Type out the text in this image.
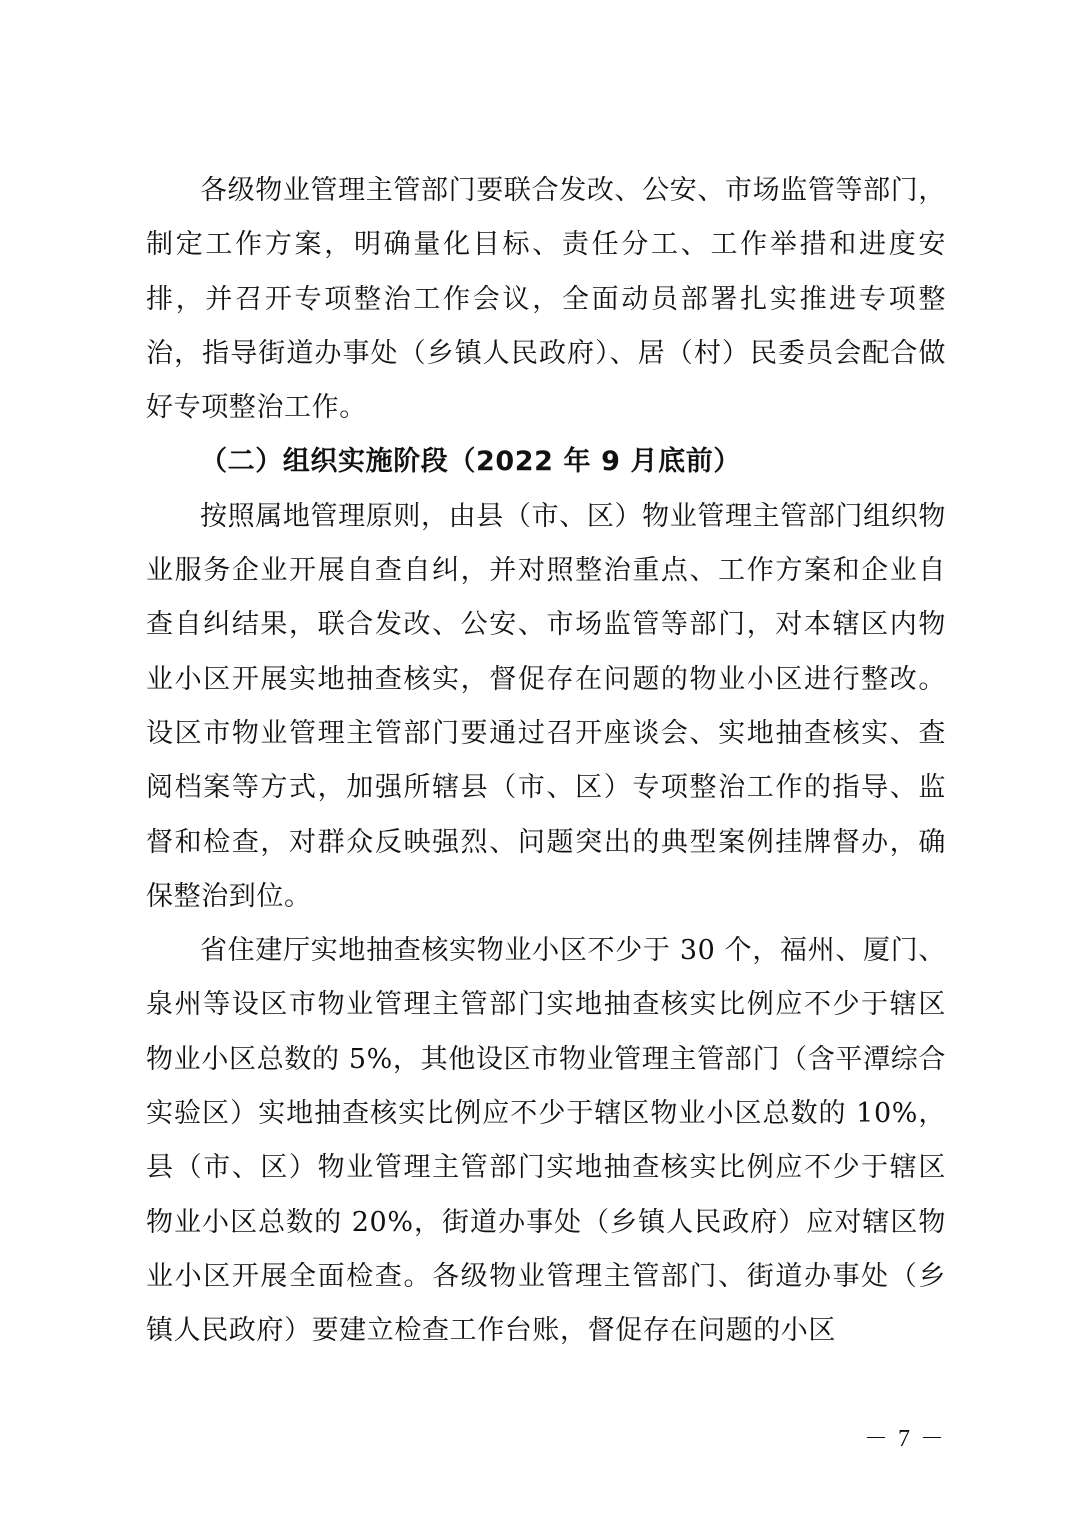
各级物业管理主管部门要联合发改、公安、市场监管等部门，制定工作方案，明确量化目标、责任分工、工作举措和进度安排，并召开专项整治工作会议，全面动员部署扎实推进专项整治，指导街道办事处（乡镇人民政府）、居（村）民委员会配合做好专项整治工作。

（二）组织实施阶段（2022 年 9 月底前）

按照属地管理原则，由县（市、区）物业管理主管部门组织物业服务企业开展自查自纠，并对照整治重点、工作方案和企业自查自纠结果，联合发改、公安、市场监管等部门，对本辖区内物业小区开展实地抽查核实，督促存在问题的物业小区进行整改。设区市物业管理主管部门要通过召开座谈会、实地抽查核实、查阅档案等方式，加强所辖县（市、区）专项整治工作的指导、监督和检查，对群众反映强烈、问题突出的典型案例挂牌督办，确保整治到位。

省住建厅实地抽查核实物业小区不少于 30 个，福州、厦门、泉州等设区市物业管理主管部门实地抽查核实比例应不少于辖区物业小区总数的 5%，其他设区市物业管理主管部门（含平潭综合实验区）实地抽查核实比例应不少于辖区物业小区总数的 10%，县（市、区）物业管理主管部门实地抽查核实比例应不少于辖区物业小区总数的 20%，街道办事处（乡镇人民政府）应对辖区物业小区开展全面检查。各级物业管理主管部门、街道办事处（乡镇人民政府）要建立检查工作台账，督促存在问题的小区

－ 7 －
